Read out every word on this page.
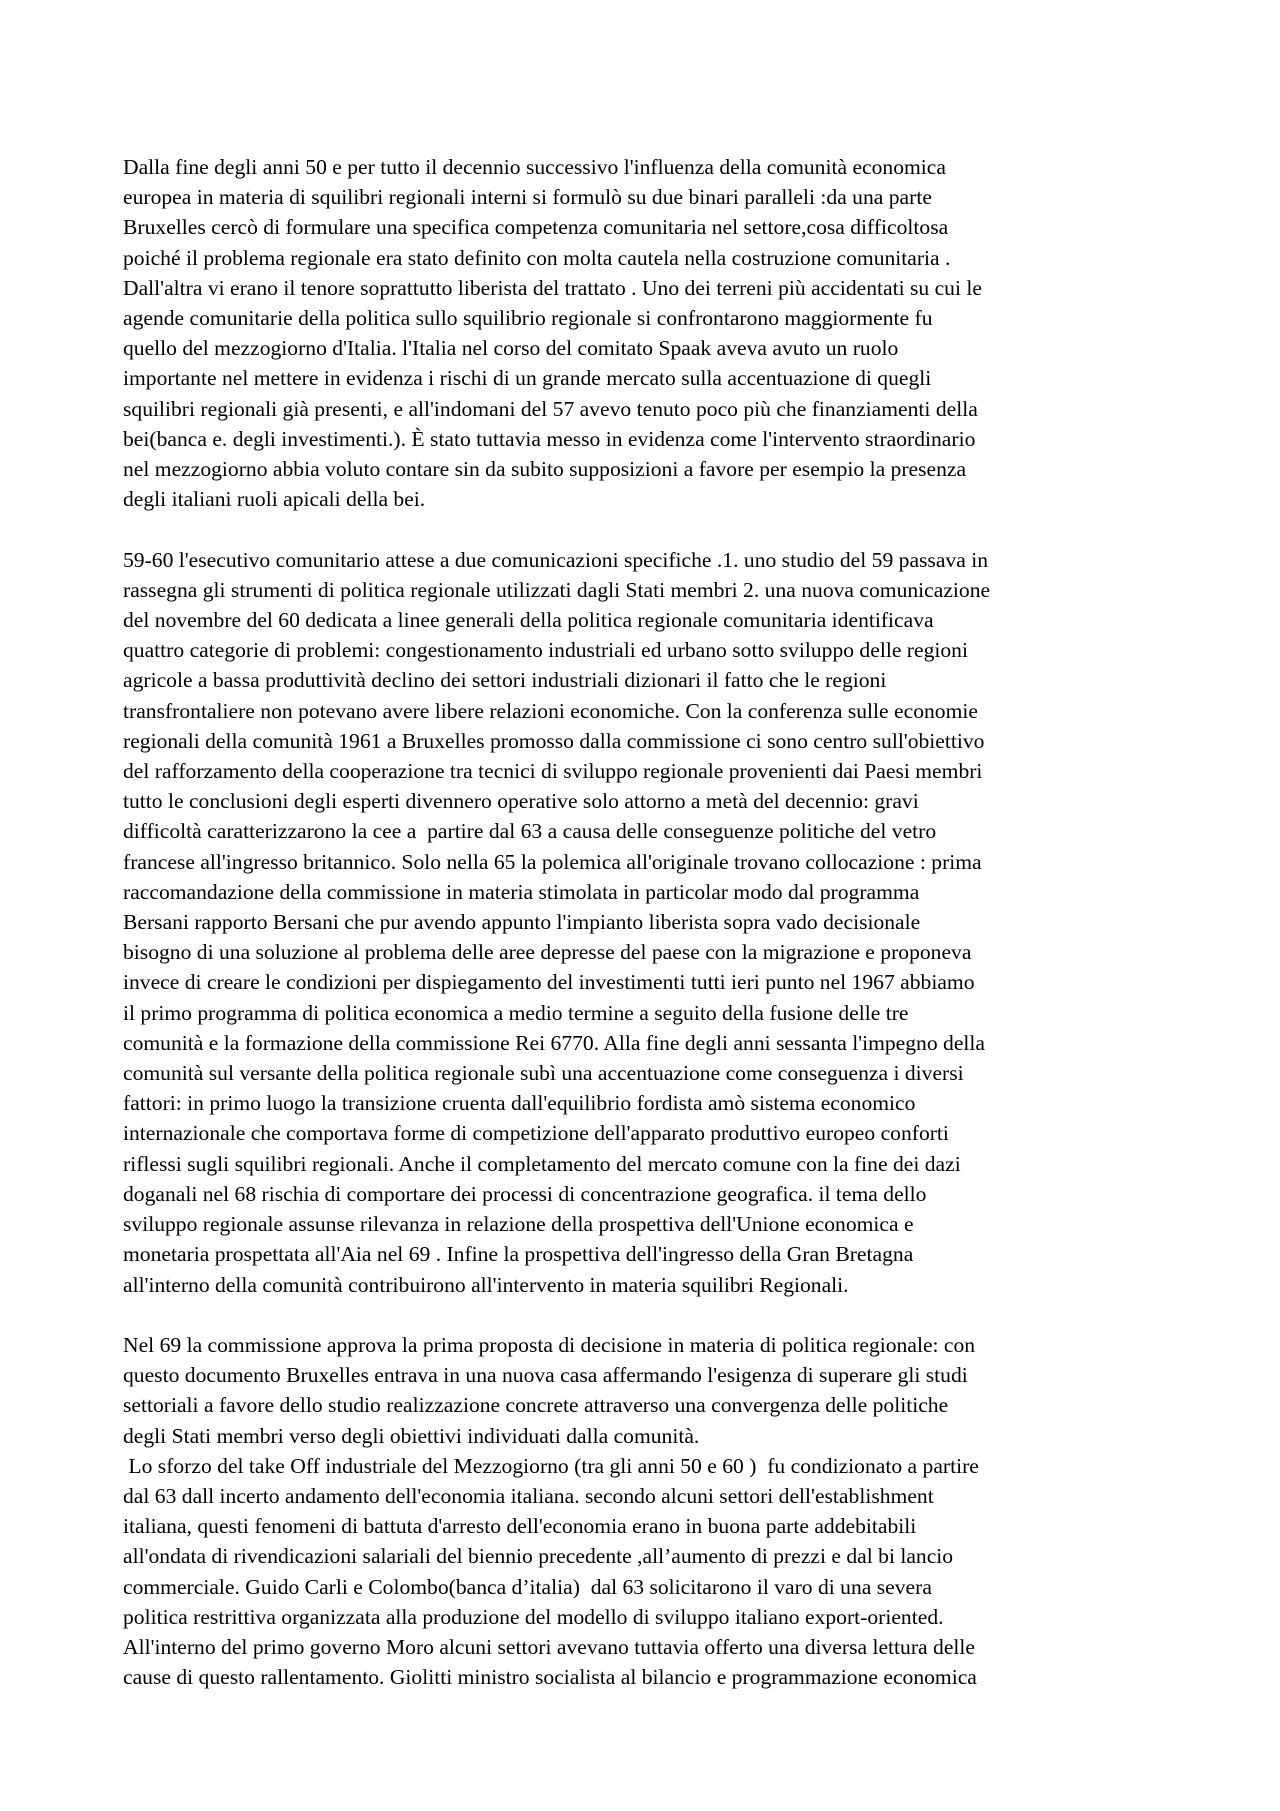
Dalla fine degli anni 50 e per tutto il decennio successivo l'influenza della comunità economica
europea in materia di squilibri regionali interni si formulò su due binari paralleli :da una parte
Bruxelles cercò di formulare una specifica competenza comunitaria nel settore,cosa difficoltosa
poiché il problema regionale era stato definito con molta cautela nella costruzione comunitaria .
Dall'altra vi erano il tenore soprattutto liberista del trattato . Uno dei terreni più accidentati su cui le
agende comunitarie della politica sullo squilibrio regionale si confrontarono maggiormente fu
quello del mezzogiorno d'Italia. l'Italia nel corso del comitato Spaak aveva avuto un ruolo
importante nel mettere in evidenza i rischi di un grande mercato sulla accentuazione di quegli
squilibri regionali già presenti, e all'indomani del 57 avevo tenuto poco più che finanziamenti della
bei(banca e. degli investimenti.). È stato tuttavia messo in evidenza come l'intervento straordinario
nel mezzogiorno abbia voluto contare sin da subito supposizioni a favore per esempio la presenza
degli italiani ruoli apicali della bei.
59-60 l'esecutivo comunitario attese a due comunicazioni specifiche .1. uno studio del 59 passava in
rassegna gli strumenti di politica regionale utilizzati dagli Stati membri 2. una nuova comunicazione
del novembre del 60 dedicata a linee generali della politica regionale comunitaria identificava
quattro categorie di problemi: congestionamento industriali ed urbano sotto sviluppo delle regioni
agricole a bassa produttività declino dei settori industriali dizionari il fatto che le regioni
transfrontaliere non potevano avere libere relazioni economiche. Con la conferenza sulle economie
regionali della comunità 1961 a Bruxelles promosso dalla commissione ci sono centro sull'obiettivo
del rafforzamento della cooperazione tra tecnici di sviluppo regionale provenienti dai Paesi membri
tutto le conclusioni degli esperti divennero operative solo attorno a metà del decennio: gravi
difficoltà caratterizzarono la cee a  partire dal 63 a causa delle conseguenze politiche del vetro
francese all'ingresso britannico. Solo nella 65 la polemica all'originale trovano collocazione : prima
raccomandazione della commissione in materia stimolata in particolar modo dal programma
Bersani rapporto Bersani che pur avendo appunto l'impianto liberista sopra vado decisionale
bisogno di una soluzione al problema delle aree depresse del paese con la migrazione e proponeva
invece di creare le condizioni per dispiegamento del investimenti tutti ieri punto nel 1967 abbiamo
il primo programma di politica economica a medio termine a seguito della fusione delle tre
comunità e la formazione della commissione Rei 6770. Alla fine degli anni sessanta l'impegno della
comunità sul versante della politica regionale subì una accentuazione come conseguenza i diversi
fattori: in primo luogo la transizione cruenta dall'equilibrio fordista amò sistema economico
internazionale che comportava forme di competizione dell'apparato produttivo europeo conforti
riflessi sugli squilibri regionali. Anche il completamento del mercato comune con la fine dei dazi
doganali nel 68 rischia di comportare dei processi di concentrazione geografica. il tema dello
sviluppo regionale assunse rilevanza in relazione della prospettiva dell'Unione economica e
monetaria prospettata all'Aia nel 69 . Infine la prospettiva dell'ingresso della Gran Bretagna
all'interno della comunità contribuirono all'intervento in materia squilibri Regionali.
Nel 69 la commissione approva la prima proposta di decisione in materia di politica regionale: con
questo documento Bruxelles entrava in una nuova casa affermando l'esigenza di superare gli studi
settoriali a favore dello studio realizzazione concrete attraverso una convergenza delle politiche
degli Stati membri verso degli obiettivi individuati dalla comunità.
Lo sforzo del take Off industriale del Mezzogiorno (tra gli anni 50 e 60 )  fu condizionato a partire
dal 63 dall incerto andamento dell'economia italiana. secondo alcuni settori dell'establishment
italiana, questi fenomeni di battuta d'arresto dell'economia erano in buona parte addebitabili
all'ondata di rivendicazioni salariali del biennio precedente ,all’aumento di prezzi e dal bi lancio
commerciale. Guido Carli e Colombo(banca d’italia)  dal 63 solicitarono il varo di una severa
politica restrittiva organizzata alla produzione del modello di sviluppo italiano export-oriented.
All'interno del primo governo Moro alcuni settori avevano tuttavia offerto una diversa lettura delle
cause di questo rallentamento. Giolitti ministro socialista al bilancio e programmazione economica
